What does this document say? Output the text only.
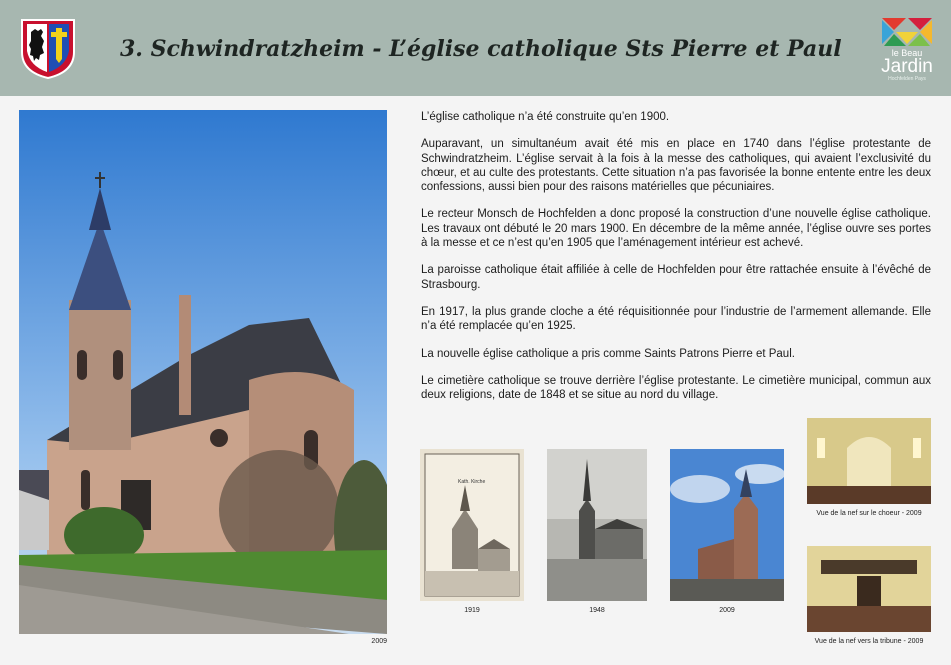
3. Schwindratzheim - L’église catholique Sts Pierre et Paul	le Beau
Jardin
Hochfelden Pays
2009

L’église catholique n’a été construite qu’en 1900.

Auparavant, un simultanéum avait été mis en place en 1740 dans l’église protestante de Schwindratzheim. L’église servait à la fois à la messe des catholiques, qui avaient l’exclusivité du chœur, et au culte des protestants. Cette situation n’a pas favorisée la bonne entente entre les deux confessions, aussi bien pour des raisons matérielles que pécuniaires.

Le recteur Monsch de Hochfelden a donc proposé la construction d’une nouvelle église catholique. Les travaux ont débuté le 20 mars 1900. En décembre de la même année, l’église ouvre ses portes à la messe et ce n’est qu’en 1905 que l’aménagement intérieur est achevé.

La paroisse catholique était affiliée à celle de Hochfelden pour être rattachée ensuite à l’évêché de Strasbourg.

En 1917, la plus grande cloche a été réquisitionnée pour l’industrie de l’armement allemande. Elle n’a été remplacée qu’en 1925.

La nouvelle église catholique a pris comme Saints Patrons Pierre et Paul.

Le cimetière catholique se trouve derrière l’église protestante. Le cimetière municipal, commun aux deux religions, date de 1848 et se situe au nord du village.

Kath. Kirche
1919	1948	2009
Vue de la nef sur le choeur - 2009
Vue de la nef vers la tribune - 2009
